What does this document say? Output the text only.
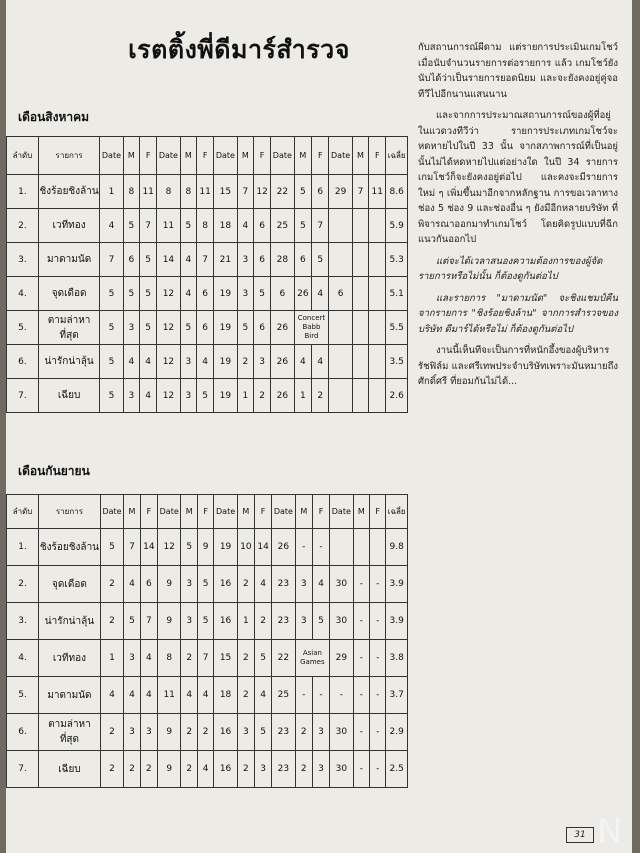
เรตติ้งพี่ดีมาร์สำรวจ
เดือนสิงหาคม
ลำดับ	รายการ	Date	M	F	Date	M	F	Date	M	F	Date	M	F	Date	M	F	เฉลี่ย
1.	ชิงร้อยชิงล้าน	1	8	11	8	8	11	15	7	12	22	5	6	29	7	11	8.6
2.	เวทีทอง	4	5	7	11	5	8	18	4	6	25	5	7				5.9
3.	มาดามนัด	7	6	5	14	4	7	21	3	6	28	6	5				5.3
4.	จุดเดือด	5	5	5	12	4	6	19	3	5	6	26	4	6			5.1
5.	ตามล่าหาที่สุด	5	3	5	12	5	6	19	5	6	26	Concert Babb Bird					5.5
6.	น่ารักน่าลุ้น	5	4	4	12	3	4	19	2	3	26	4	4				3.5
7.	เฉียบ	5	3	4	12	3	5	19	1	2	26	1	2				2.6
เดือนกันยายน
ลำดับ	รายการ	Date	M	F	Date	M	F	Date	M	F	Date	M	F	Date	M	F	เฉลี่ย
1.	ชิงร้อยชิงล้าน	5	7	14	12	5	9	19	10	14	26	-	-				9.8
2.	จุดเดือด	2	4	6	9	3	5	16	2	4	23	3	4	30	-	-	3.9
3.	น่ารักน่าลุ้น	2	5	7	9	3	5	16	1	2	23	3	5	30	-	-	3.9
4.	เวทีทอง	1	3	4	8	2	7	15	2	5	22	Asian Games		29	-	-	3.8
5.	มาดามนัด	4	4	4	11	4	4	18	2	4	25	-	-	-	-	-	3.7
6.	ตามล่าหาที่สุด	2	3	3	9	2	2	16	3	5	23	2	3	30	-	-	2.9
7.	เฉียบ	2	2	2	9	2	4	16	2	3	23	2	3	30	-	-	2.5

กับสถานการณ์ผีดาม แต่รายการประเมินเกมโชว์ เมื่อนับจำนวนรายการต่อรายการ แล้ว เกมโชว์ยังนับได้ว่าเป็นรายการยอดนิยม และจะยังคงอยู่คู่จอทีวีไปอีกนานแสนนาน

และจากการประมาณสถานการณ์ของผู้ที่อยู่ในแวดวงทีวีว่า รายการประเภทเกมโชว์จะหดหายไปในปี 33 นั้น จากสภาพการณ์ที่เป็นอยู่ นั้นไม่ได้หดหายไปแต่อย่างใด ในปี 34 รายการเกมโชว์ก็จะยังคงอยู่ต่อไป และคงจะมีรายการใหม่ ๆ เพิ่มขึ้นมาอีกจากหลักฐาน การขอเวลาทางช่อง 5 ช่อง 9 และช่องอื่น ๆ ยังมีอีกหลายบริษัท ที่พิจารณาออกมาทำเกมโชว์ โดยคิดรูปแบบที่ฉีกแนวกันออกไป

แต่จะได้เวลาสนองความต้องการของผู้จัดรายการหรือไม่นั้น ก็ต้องดูกันต่อไป

และรายการ "มาดามนัด" จะชิงแชมป์คืน จากรายการ "ชิงร้อยชิงล้าน" จากการสำรวจของบริษัท ดีมาร์ได้หรือไม่ ก็ต้องดูกันต่อไป

งานนี้เห็นทีจะเป็นการที่หนักอึ้งของผู้บริหาร รัชฟิล์ม และศรีเทพประจำบริษัทเพราะมันหมายถึงศักดิ์ศรี ที่ยอมกันไม่ได้...

31 N
